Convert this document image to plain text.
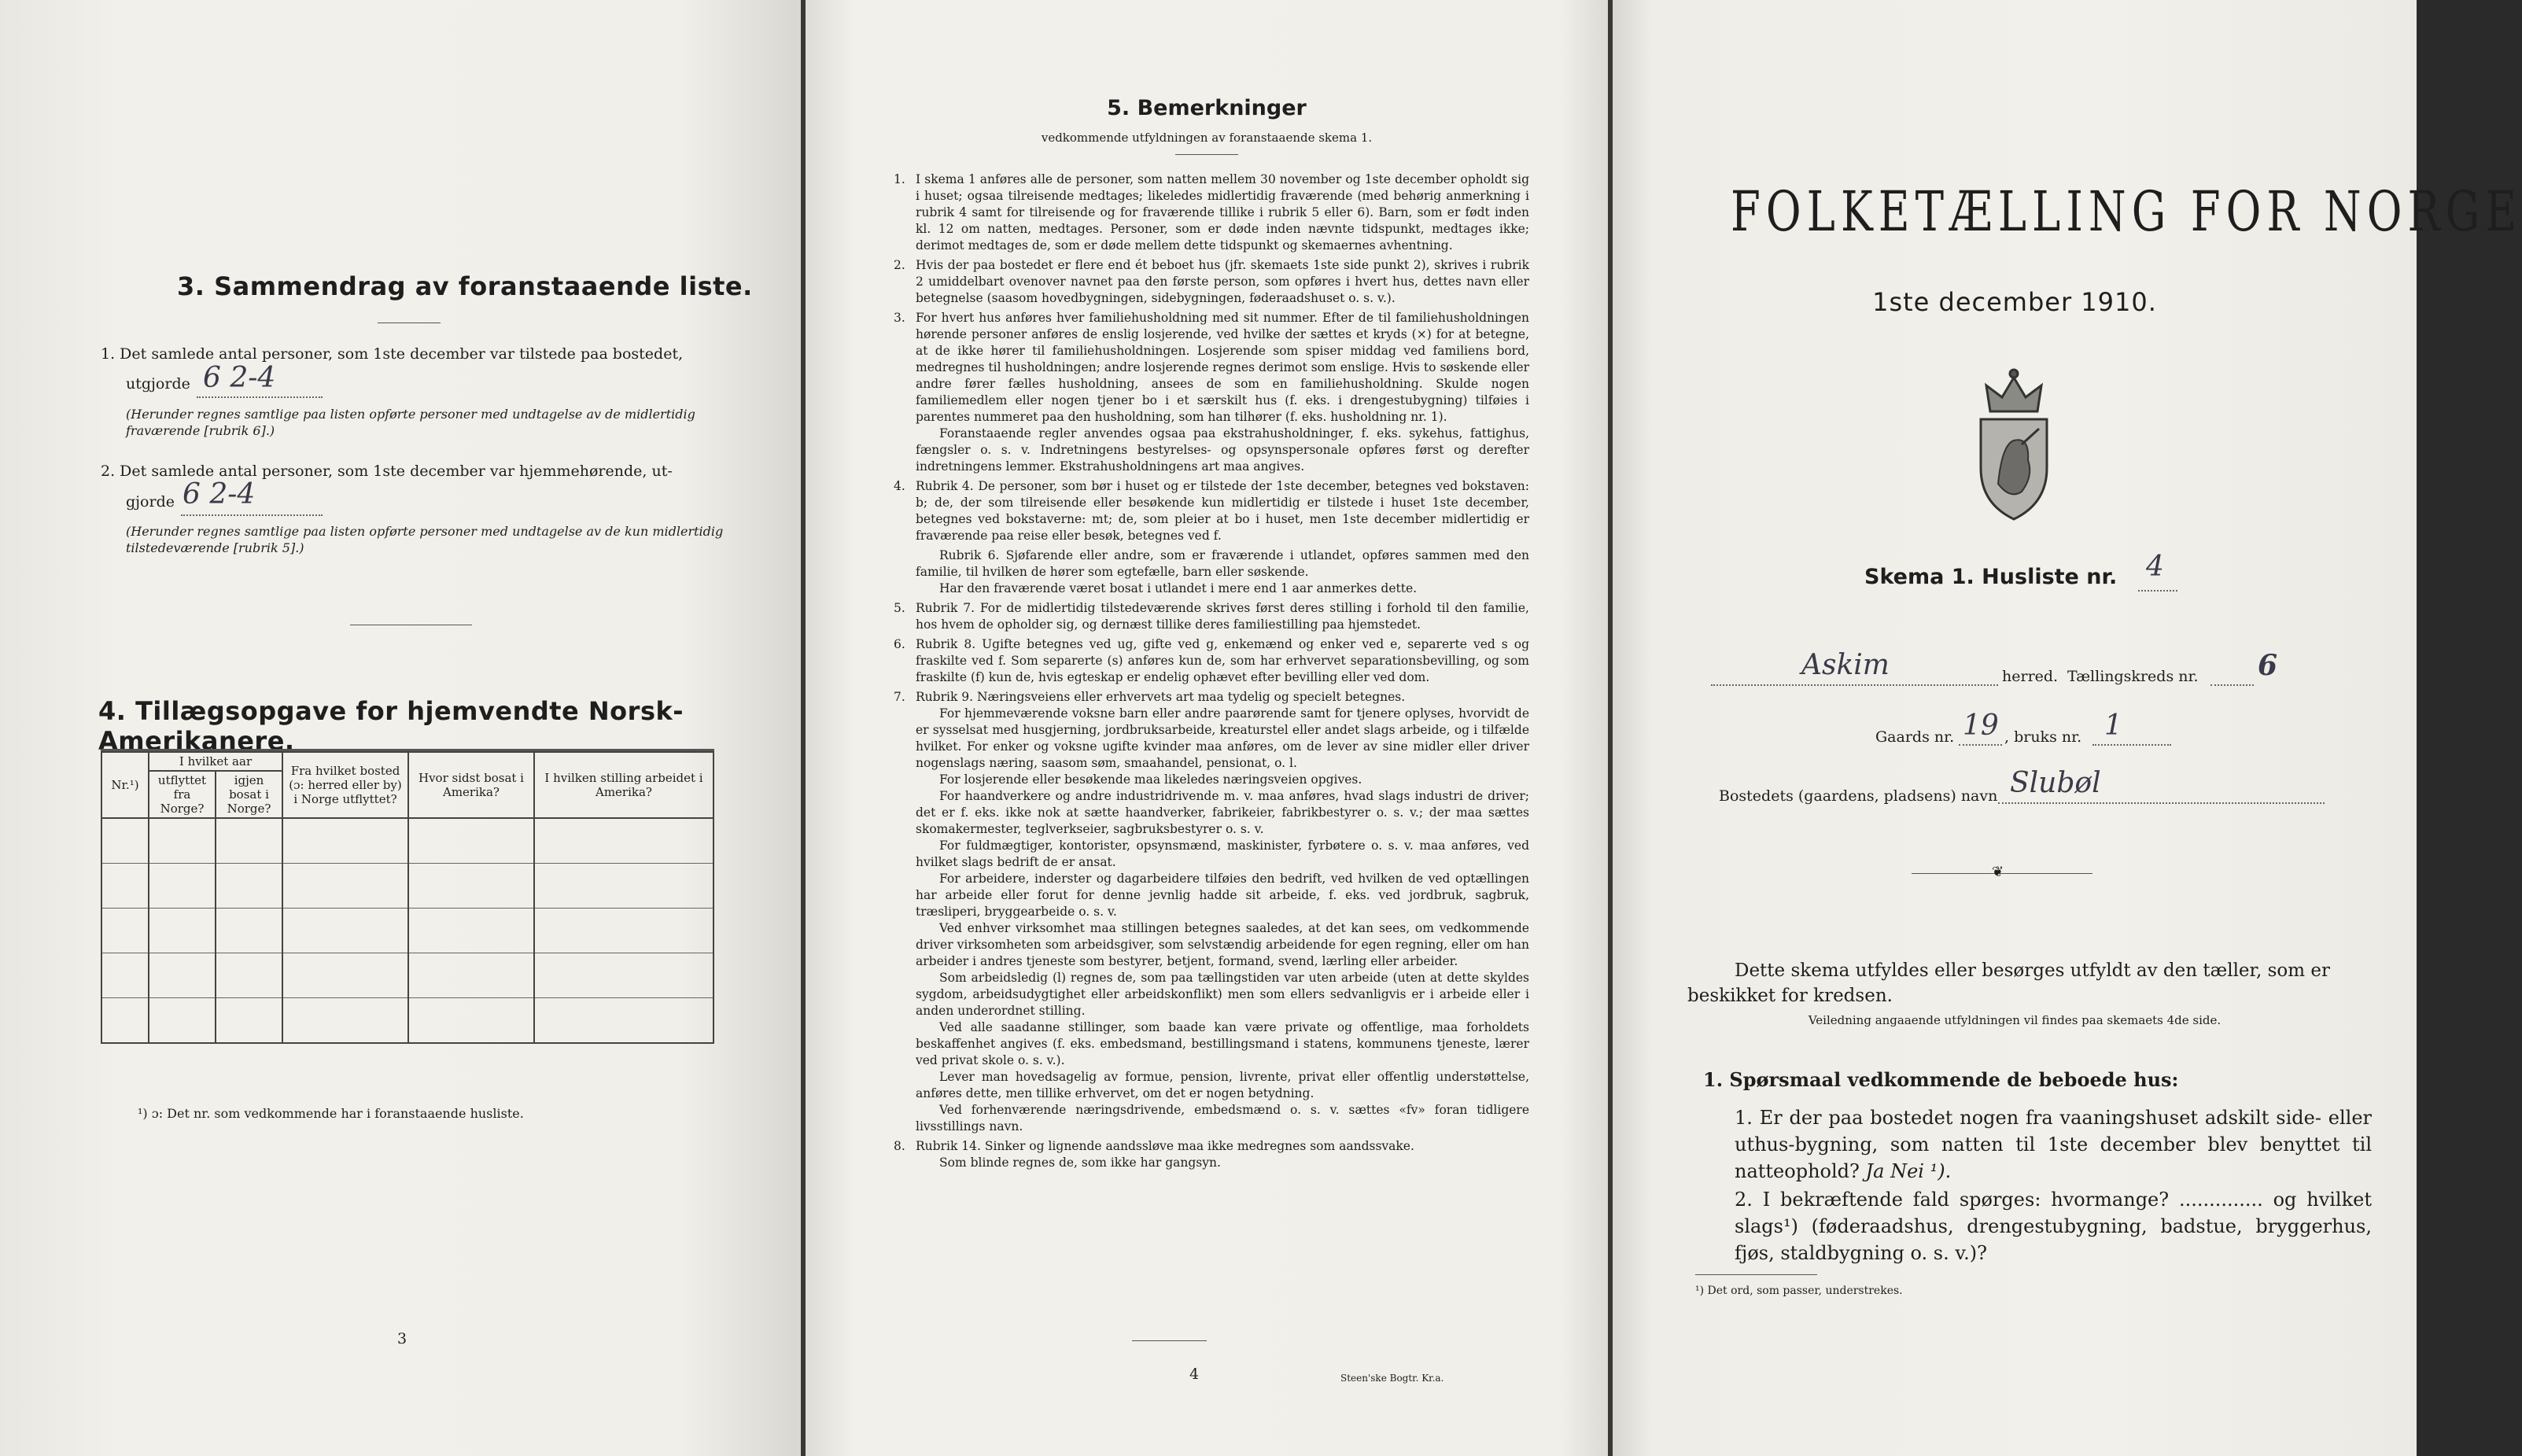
3. Sammendrag av foranstaaende liste.
1. Det samlede antal personer, som 1ste december var tilstede paa bostedet,
utgjorde 6 2-4
(Herunder regnes samtlige paa listen opførte personer med undtagelse av de midlertidig fraværende [rubrik 6].)
2. Det samlede antal personer, som 1ste december var hjemmehørende, ut-
gjorde 6 2-4
(Herunder regnes samtlige paa listen opførte personer med undtagelse av de kun midlertidig tilstedeværende [rubrik 5].)
4. Tillægsopgave for hjemvendte Norsk-Amerikanere.
Nr.¹)	I hvilket aar		Fra hvilket bosted (ɔ: herred eller by) i Norge utflyttet?	Hvor sidst bosat i Amerika?	I hvilken stilling arbeidet i Amerika?
	utflyttet fra Norge?	igjen bosat i Norge?			

¹) ɔ: Det nr. som vedkommende har i foranstaaende husliste.
3
5. Bemerkninger
vedkommende utfyldningen av foranstaaende skema 1.

1. I skema 1 anføres alle de personer, som natten mellem 30 november og 1ste december opholdt sig i huset; ogsaa tilreisende medtages; likeledes midlertidig fraværende (med behørig anmerkning i rubrik 4 samt for tilreisende og for fraværende tillike i rubrik 5 eller 6). Barn, som er født inden kl. 12 om natten, medtages. Personer, som er døde inden nævnte tidspunkt, medtages ikke; derimot medtages de, som er døde mellem dette tidspunkt og skemaernes avhentning.

2. Hvis der paa bostedet er flere end ét beboet hus (jfr. skemaets 1ste side punkt 2), skrives i rubrik 2 umiddelbart ovenover navnet paa den første person, som opføres i hvert hus, dettes navn eller betegnelse (saasom hovedbygningen, sidebygningen, føderaadshuset o. s. v.).

3. For hvert hus anføres hver familiehusholdning med sit nummer. Efter de til familiehusholdningen hørende personer anføres de enslig losjerende, ved hvilke der sættes et kryds (×) for at betegne, at de ikke hører til familiehusholdningen. Losjerende som spiser middag ved familiens bord, medregnes til husholdningen; andre losjerende regnes derimot som enslige. Hvis to søskende eller andre fører fælles husholdning, ansees de som en familiehusholdning. Skulde nogen familiemedlem eller nogen tjener bo i et særskilt hus (f. eks. i drengestubygning) tilføies i parentes nummeret paa den husholdning, som han tilhører (f. eks. husholdning nr. 1).

Foranstaaende regler anvendes ogsaa paa ekstrahusholdninger, f. eks. sykehus, fattighus, fængsler o. s. v. Indretningens bestyrelses- og opsynspersonale opføres først og derefter indretningens lemmer. Ekstrahusholdningens art maa angives.

4. Rubrik 4. De personer, som bør i huset og er tilstede der 1ste december, betegnes ved bokstaven: b; de, der som tilreisende eller besøkende kun midlertidig er tilstede i huset 1ste december, betegnes ved bokstaverne: mt; de, som pleier at bo i huset, men 1ste december midlertidig er fraværende paa reise eller besøk, betegnes ved f.

Rubrik 6. Sjøfarende eller andre, som er fraværende i utlandet, opføres sammen med den familie, til hvilken de hører som egtefælle, barn eller søskende.

Har den fraværende været bosat i utlandet i mere end 1 aar anmerkes dette.

5. Rubrik 7. For de midlertidig tilstedeværende skrives først deres stilling i forhold til den familie, hos hvem de opholder sig, og dernæst tillike deres familiestilling paa hjemstedet.

6. Rubrik 8. Ugifte betegnes ved ug, gifte ved g, enkemænd og enker ved e, separerte ved s og fraskilte ved f. Som separerte (s) anføres kun de, som har erhvervet separationsbevilling, og som fraskilte (f) kun de, hvis egteskap er endelig ophævet efter bevilling eller ved dom.

7. Rubrik 9. Næringsveiens eller erhvervets art maa tydelig og specielt betegnes.

For hjemmeværende voksne barn eller andre paarørende samt for tjenere oplyses, hvorvidt de er sysselsat med husgjerning, jordbruksarbeide, kreaturstel eller andet slags arbeide, og i tilfælde hvilket. For enker og voksne ugifte kvinder maa anføres, om de lever av sine midler eller driver nogenslags næring, saasom søm, smaahandel, pensionat, o. l.

For losjerende eller besøkende maa likeledes næringsveien opgives.

For haandverkere og andre industridrivende m. v. maa anføres, hvad slags industri de driver; det er f. eks. ikke nok at sætte haandverker, fabrikeier, fabrikbestyrer o. s. v.; der maa sættes skomakermester, teglverkseier, sagbruksbestyrer o. s. v.

For fuldmægtiger, kontorister, opsynsmænd, maskinister, fyrbøtere o. s. v. maa anføres, ved hvilket slags bedrift de er ansat.

For arbeidere, inderster og dagarbeidere tilføies den bedrift, ved hvilken de ved optællingen har arbeide eller forut for denne jevnlig hadde sit arbeide, f. eks. ved jordbruk, sagbruk, træsliperi, bryggearbeide o. s. v.

Ved enhver virksomhet maa stillingen betegnes saaledes, at det kan sees, om vedkommende driver virksomheten som arbeidsgiver, som selvstændig arbeidende for egen regning, eller om han arbeider i andres tjeneste som bestyrer, betjent, formand, svend, lærling eller arbeider.

Som arbeidsledig (l) regnes de, som paa tællingstiden var uten arbeide (uten at dette skyldes sygdom, arbeidsudygtighet eller arbeidskonflikt) men som ellers sedvanligvis er i arbeide eller i anden underordnet stilling.

Ved alle saadanne stillinger, som baade kan være private og offentlige, maa forholdets beskaffenhet angives (f. eks. embedsmand, bestillingsmand i statens, kommunens tjeneste, lærer ved privat skole o. s. v.).

Lever man hovedsagelig av formue, pension, livrente, privat eller offentlig understøttelse, anføres dette, men tillike erhvervet, om det er nogen betydning.

Ved forhenværende næringsdrivende, embedsmænd o. s. v. sættes «fv» foran tidligere livsstillings navn.

8. Rubrik 14. Sinker og lignende aandssløve maa ikke medregnes som aandssvake.

Som blinde regnes de, som ikke har gangsyn.

4	Steen'ske Bogtr. Kr.a.
FOLKETÆLLING FOR NORGE
1ste december 1910.
Skema 1. Husliste nr. 4
Askim	herred. Tællingskreds nr. 6
Gaards nr. 19 , bruks nr. 1
Bostedets (gaardens, pladsens) navn Slubøl
❦
Dette skema utfyldes eller besørges utfyldt av den tæller, som er beskikket for kredsen.
Veiledning angaaende utfyldningen vil findes paa skemaets 4de side.
1. Spørsmaal vedkommende de beboede hus:
1. Er der paa bostedet nogen fra vaaningshuset adskilt side- eller uthus-bygning, som natten til 1ste december blev benyttet til natteophold? Ja Nei ¹).
2. I bekræftende fald spørges: hvormange? .............. og hvilket slags¹) (føderaadshus, drengestubygning, badstue, bryggerhus, fjøs, staldbygning o. s. v.)?
¹) Det ord, som passer, understrekes.
